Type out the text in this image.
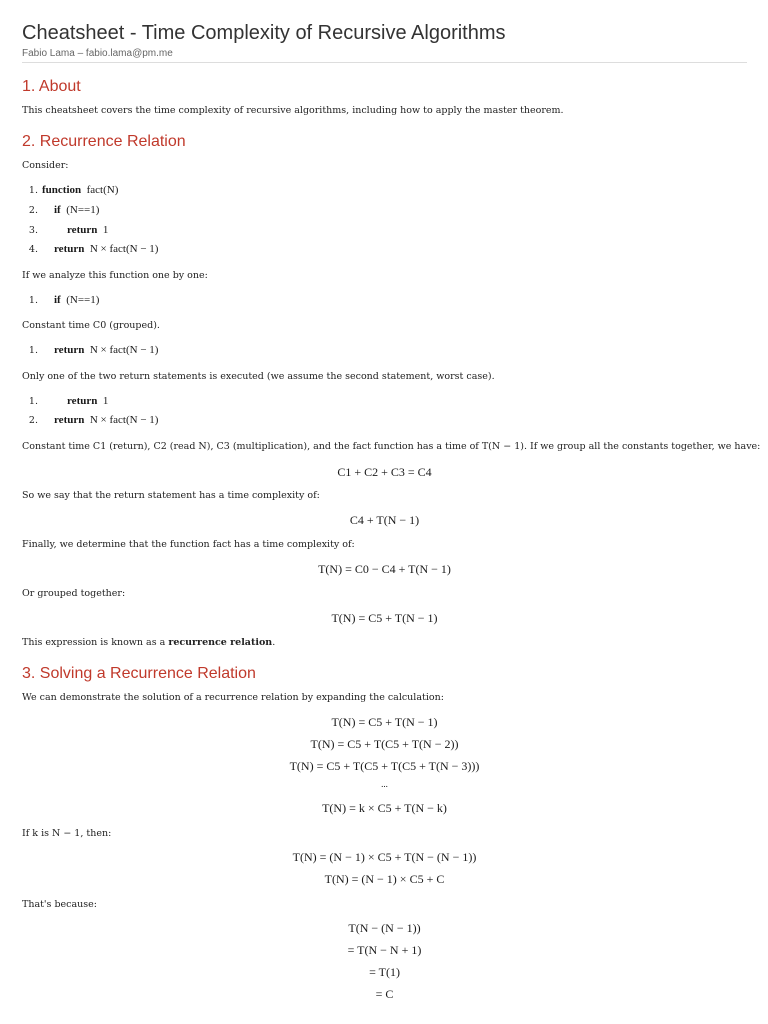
Cheatsheet - Time Complexity of Recursive Algorithms
Fabio Lama – fabio.lama@pm.me
1. About
This cheatsheet covers the time complexity of recursive algorithms, including how to apply the master theorem.
2. Recurrence Relation
Consider:
1. function fact(N)
2. if (N==1)
3.	return 1
4. return N × fact(N − 1)
If we analyze this function one by one:
1. if (N==1)
Constant time C0 (grouped).
1. return N × fact(N − 1)
Only one of the two return statements is executed (we assume the second statement, worst case).
1.	return 1
2. return N × fact(N − 1)
Constant time C1 (return), C2 (read N), C3 (multiplication), and the fact function has a time of T(N − 1). If we group all the constants together, we have:
C1 + C2 + C3 = C4
So we say that the return statement has a time complexity of:
C4 + T(N − 1)
Finally, we determine that the function fact has a time complexity of:
T(N) = C0 − C4 + T(N − 1)
Or grouped together:
T(N) = C5 + T(N − 1)
This expression is known as a recurrence relation.
3. Solving a Recurrence Relation
We can demonstrate the solution of a recurrence relation by expanding the calculation:
T(N) = C5 + T(N − 1)
T(N) = C5 + T(C5 + T(N − 2))
T(N) = C5 + T(C5 + T(C5 + T(N − 3)))
...
T(N) = k × C5 + T(N − k)
If k is N − 1, then:
T(N) = (N − 1) × C5 + T(N − (N − 1))
T(N) = (N − 1) × C5 + C
That's because:
T(N − (N − 1))
= T(N − N + 1)
= T(1)
= C
